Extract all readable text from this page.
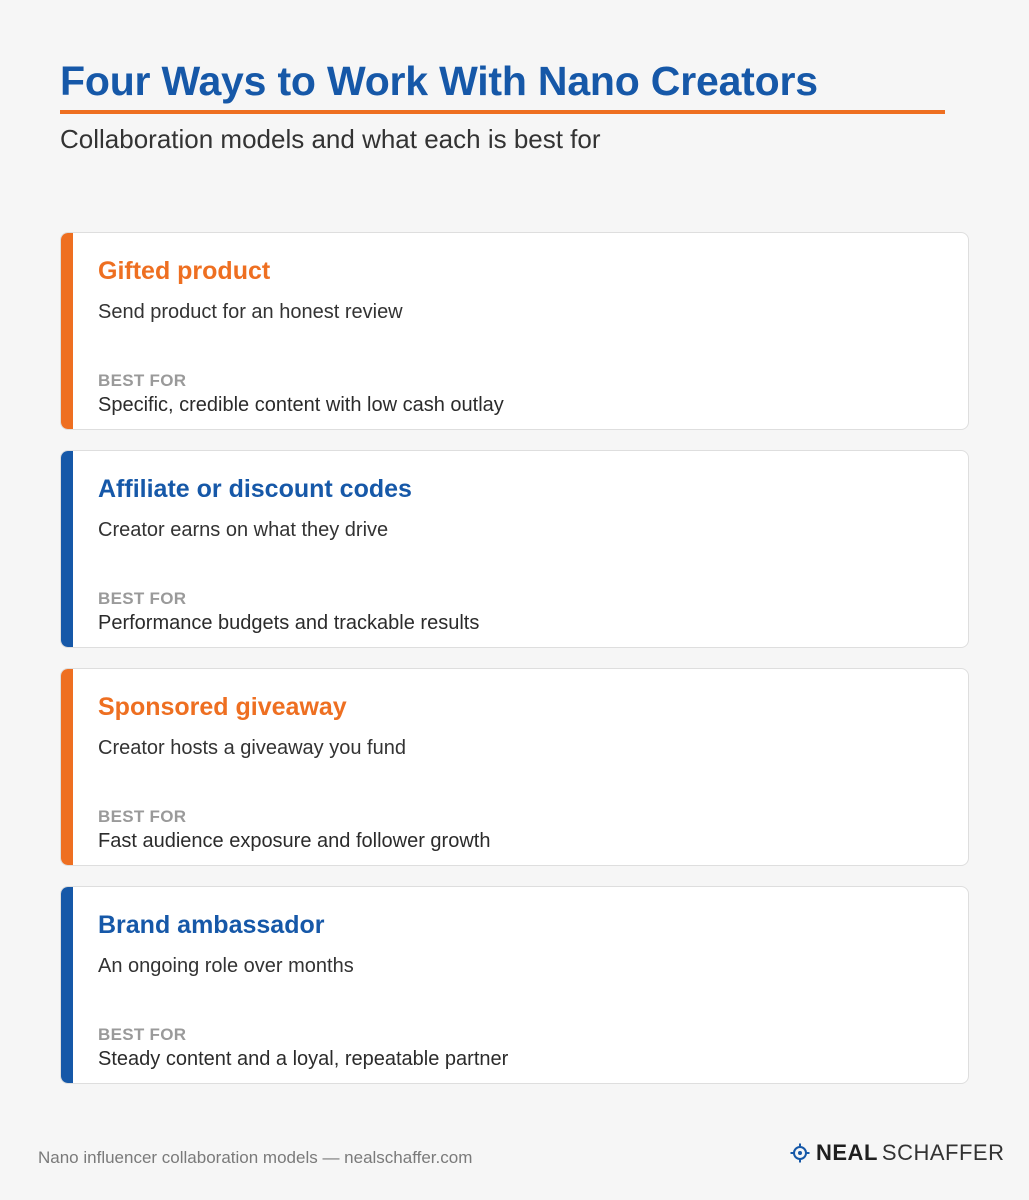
Four Ways to Work With Nano Creators
Collaboration models and what each is best for
Gifted product
Send product for an honest review
BEST FOR
Specific, credible content with low cash outlay
Affiliate or discount codes
Creator earns on what they drive
BEST FOR
Performance budgets and trackable results
Sponsored giveaway
Creator hosts a giveaway you fund
BEST FOR
Fast audience exposure and follower growth
Brand ambassador
An ongoing role over months
BEST FOR
Steady content and a loyal, repeatable partner
Nano influencer collaboration models — nealschaffer.com	NEAL SCHAFFER
